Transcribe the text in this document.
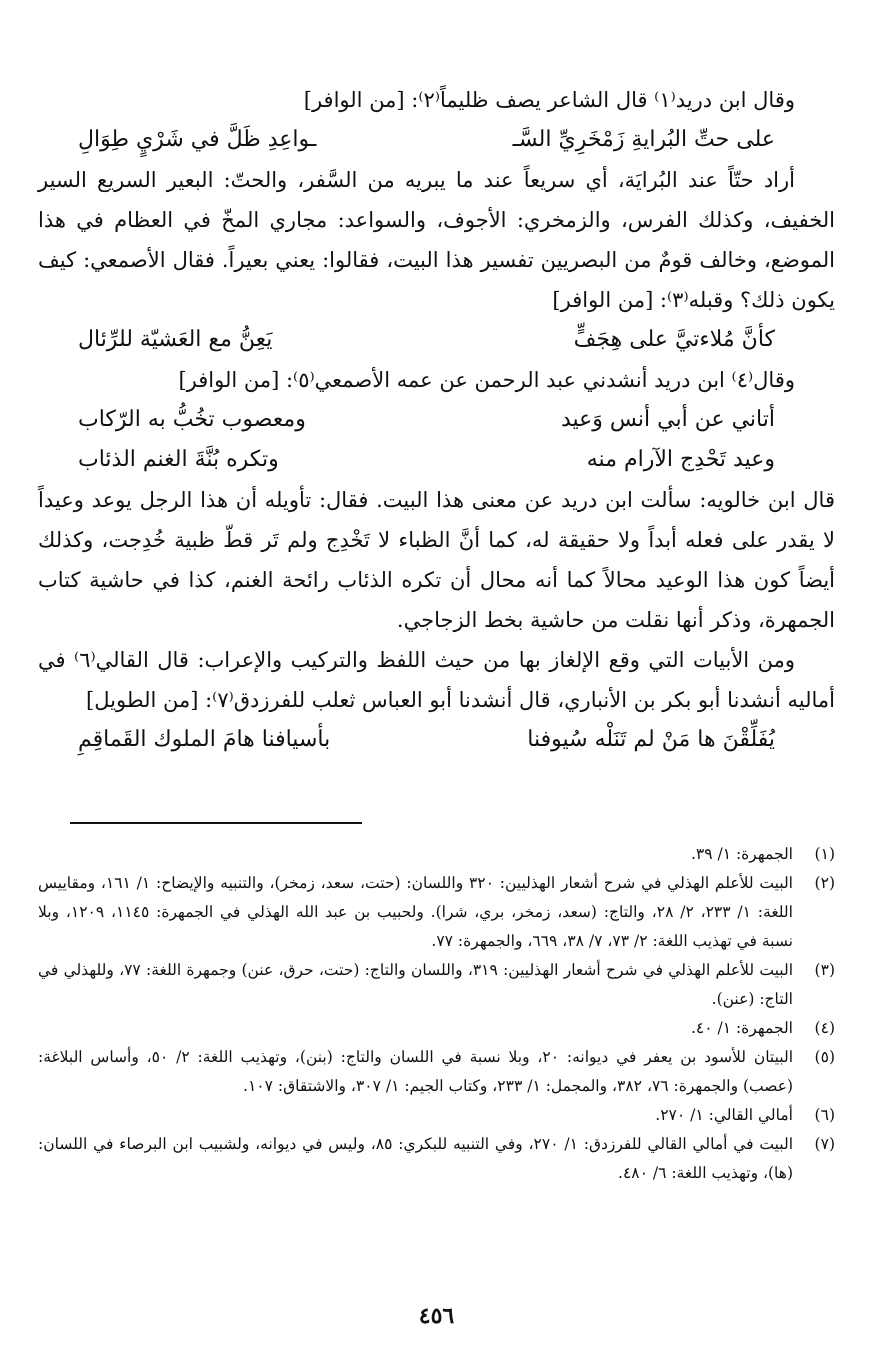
وقال ابن دريد⁽١⁾ قال الشاعر يصف ظليماً⁽٢⁾: [من الوافر]

على حتِّ البُرايةِ زَمْخَرِيِّ السَّـ
ـواعِدِ ظَلَّ في شَرْيٍ طِوَالِ

أراد حتّاً عند البُرايَة، أي سريعاً عند ما يبريه من السَّفر، والحتّ: البعير السريع السير الخفيف، وكذلك الفرس، والزمخري: الأجوف، والسواعد: مجاري المخّ في العظام في هذا الموضع، وخالف قومٌ من البصريين تفسير هذا البيت، فقالوا: يعني بعيراً. فقال الأصمعي: كيف يكون ذلك؟ وقبله⁽٣⁾: [من الوافر]

كأنَّ مُلاءتيَّ على هِجَفٍّ
يَعِنُّ مع العَشيّة للرِّئال

وقال⁽٤⁾ ابن دريد أنشدني عبد الرحمن عن عمه الأصمعي⁽٥⁾: [من الوافر]

أتاني عن أبي أنس وَعيد
ومعصوب تخُبُّ به الرّكاب
وعيد تَحْدِج الآرام منه
وتكره بُنَّةَ الغنم الذئاب

قال ابن خالويه: سألت ابن دريد عن معنى هذا البيت. فقال: تأويله أن هذا الرجل يوعد وعيداً لا يقدر على فعله أبداً ولا حقيقة له، كما أنَّ الظباء لا تَخْدِج ولم تَر قطّ ظبية خُدِجت، وكذلك أيضاً كون هذا الوعيد محالاً كما أنه محال أن تكره الذئاب رائحة الغنم، كذا في حاشية كتاب الجمهرة، وذكر أنها نقلت من حاشية بخط الزجاجي.

ومن الأبيات التي وقع الإلغاز بها من حيث اللفظ والتركيب والإعراب: قال القالي⁽٦⁾ في أماليه أنشدنا أبو بكر بن الأنباري، قال أنشدنا أبو العباس ثعلب للفرزدق⁽٧⁾: [من الطويل]

يُفَلِّقْنَ ها مَنْ لم تَنَلْه سُيوفنا
بأسيافنا هامَ الملوك القَماقِمِ
(١)
الجمهرة: ١/ ٣٩.
(٢)
البيت للأعلم الهذلي في شرح أشعار الهذليين: ٣٢٠ واللسان: (حتت، سعد، زمخر)، والتنبيه والإيضاح: ١/ ١٦١، ومقاييس اللغة: ١/ ٢٣٣، ٢/ ٢٨، والتاج: (سعد، زمخر، بري، شرا). ولحبيب بن عبد الله الهذلي في الجمهرة: ١١٤٥، ١٢٠٩، وبلا نسبة في تهذيب اللغة: ٢/ ٧٣، ٧/ ٣٨، ٦٦٩، والجمهرة: ٧٧.
(٣)
البيت للأعلم الهذلي في شرح أشعار الهذليين: ٣١٩، واللسان والتاج: (حتت، حرق، عنن) وجمهرة اللغة: ٧٧، وللهذلي في التاج: (عنن).
(٤)
الجمهرة: ١/ ٤٠.
(٥)
البيتان للأسود بن يعفر في ديوانه: ٢٠، وبلا نسبة في اللسان والتاج: (بنن)، وتهذيب اللغة: ٢/ ٥٠، وأساس البلاغة: (عصب) والجمهرة: ٧٦، ٣٨٢، والمجمل: ١/ ٢٣٣، وكتاب الجيم: ١/ ٣٠٧، والاشتقاق: ١٠٧.
(٦)
أمالي القالي: ١/ ٢٧٠.
(٧)
البيت في أمالي القالي للفرزدق: ١/ ٢٧٠، وفي التنبيه للبكري: ٨٥، وليس في ديوانه، ولشبيب ابن البرصاء في اللسان: (ها)، وتهذيب اللغة: ٦/ ٤٨٠.
٤٥٦
